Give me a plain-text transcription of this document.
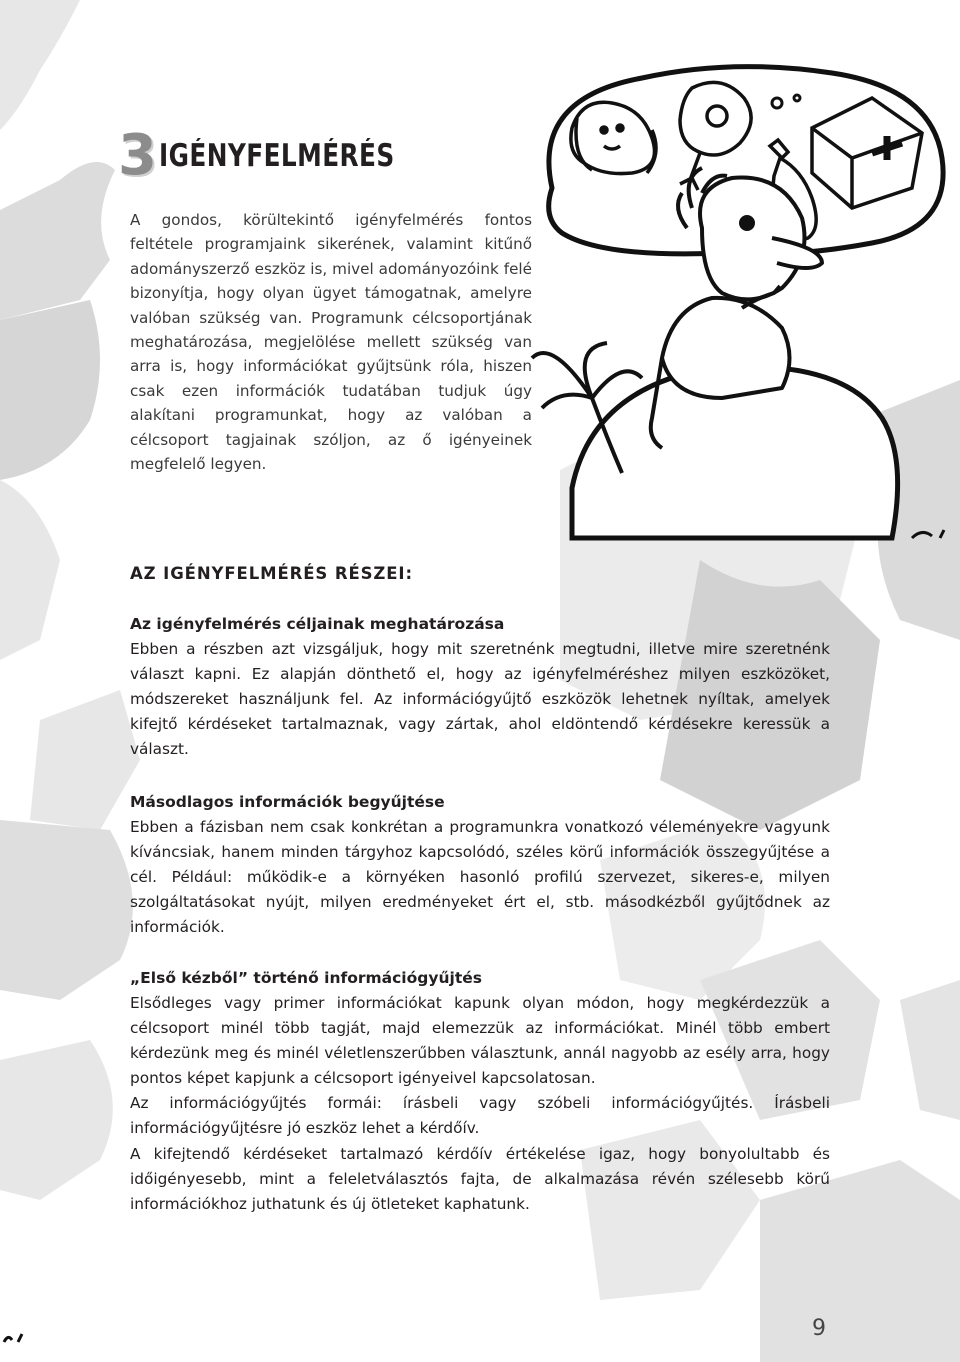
3 IGÉNYFELMÉRÉS
A gondos, körültekintő igényfelmérés fontos feltétele programjaink sikerének, valamint kitűnő adományszerző eszköz is, mivel adományozóink felé bizonyítja, hogy olyan ügyet támogatnak, amelyre valóban szükség van. Programunk célcsoportjának meghatározása, megjelölése mellett szükség van arra is, hogy információkat gyűjtsünk róla, hiszen csak ezen információk tudatában tudjuk úgy alakítani programunkat, hogy az valóban a célcsoport tagjainak szóljon, az ő igényeinek megfelelő legyen.
AZ IGÉNYFELMÉRÉS RÉSZEI:
Az igényfelmérés céljainak meghatározása

Ebben a részben azt vizsgáljuk, hogy mit szeretnénk megtudni, illetve mire szeretnénk választ kapni. Ez alapján dönthető el, hogy az igényfelméréshez milyen eszközöket, módszereket használjunk fel. Az információgyűjtő eszközök lehetnek nyíltak, amelyek kifejtő kérdéseket tartalmaznak, vagy zártak, ahol eldöntendő kérdésekre keressük a választ.

Másodlagos információk begyűjtése

Ebben a fázisban nem csak konkrétan a programunkra vonatkozó véleményekre vagyunk kíváncsiak, hanem minden tárgyhoz kapcsolódó, széles körű információk összegyűjtése a cél. Például: működik-e a környéken hasonló profilú szervezet, sikeres-e, milyen szolgáltatásokat nyújt, milyen eredményeket ért el, stb. másodkézből gyűjtődnek az információk.

„Első kézből” történő információgyűjtés

Elsődleges vagy primer információkat kapunk olyan módon, hogy megkérdezzük a célcsoport minél több tagját, majd elemezzük az információkat. Minél több embert kérdezünk meg és minél véletlenszerűbben választunk, annál nagyobb az esély arra, hogy pontos képet kapjunk a célcsoport igényeivel kapcsolatosan.

Az információgyűjtés formái: írásbeli vagy szóbeli információgyűjtés. Írásbeli információgyűjtésre jó eszköz lehet a kérdőív.

A kifejtendő kérdéseket tartalmazó kérdőív értékelése igaz, hogy bonyolultabb és időigényesebb, mint a feleletválasztós fajta, de alkalmazása révén szélesebb körű információkhoz juthatunk és új ötleteket kaphatunk.

9
